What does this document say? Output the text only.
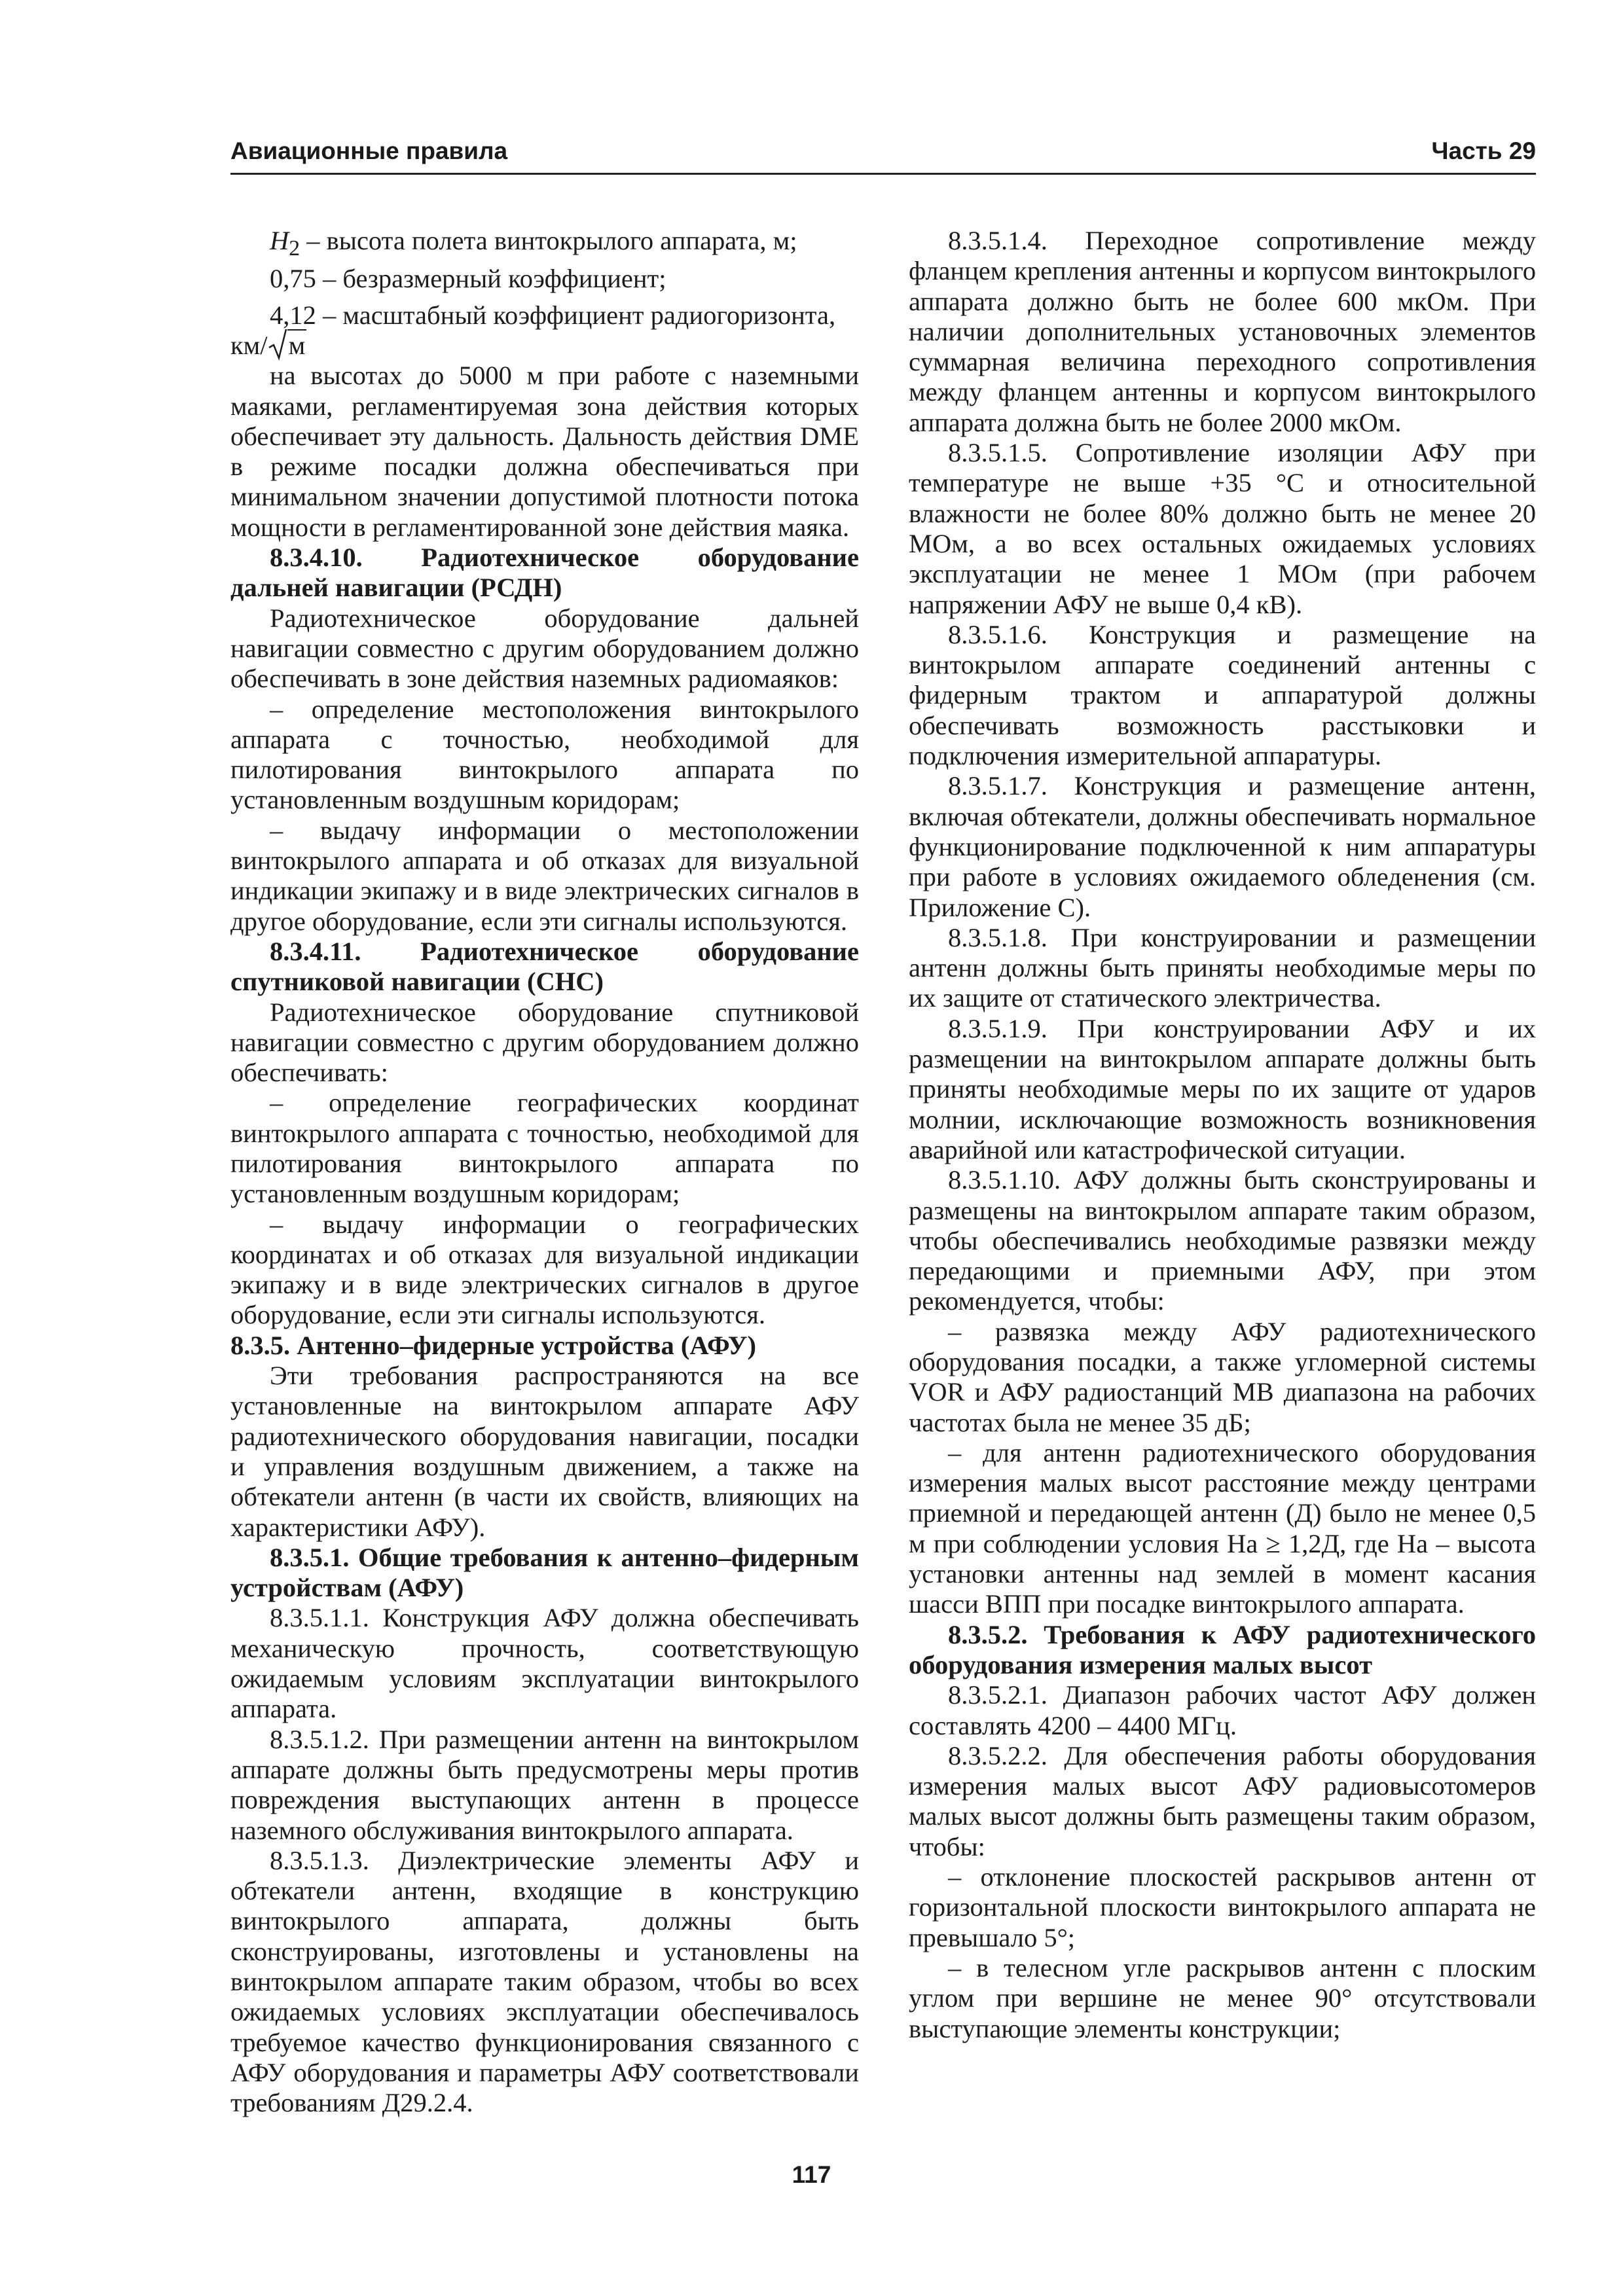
Авиационные правила	Часть 29

$H_2$ – высота полета винтокрылого аппарата, м;

0,75 – безразмерный коэффициент;

4,12 – масштабный коэффициент радиогоризонта,

км/ м

на высотах до 5000 м при работе с наземными маяками, регламентируемая зона действия которых обеспечивает эту дальность. Дальность действия DME в режиме посадки должна обеспечиваться при минимальном значении допустимой плотности потока мощности в регламентированной зоне действия маяка.

8.3.4.10. Радиотехническое оборудование дальней навигации (РСДН)

Радиотехническое оборудование дальней навигации совместно с другим оборудованием должно обеспечивать в зоне действия наземных радиомаяков:

– определение местоположения винтокрылого аппарата с точностью, необходимой для пилотирования винтокрылого аппарата по установленным воздушным коридорам;

– выдачу информации о местоположении винтокрылого аппарата и об отказах для визуальной индикации экипажу и в виде электрических сигналов в другое оборудование, если эти сигналы используются.

8.3.4.11. Радиотехническое оборудование спутниковой навигации (СНС)

Радиотехническое оборудование спутниковой навигации совместно с другим оборудованием должно обеспечивать:

– определение географических координат винтокрылого аппарата с точностью, необходимой для пилотирования винтокрылого аппарата по установленным воздушным коридорам;

– выдачу информации о географических координатах и об отказах для визуальной индикации экипажу и в виде электрических сигналов в другое оборудование, если эти сигналы используются.

8.3.5. Антенно–фидерные устройства (АФУ)

Эти требования распространяются на все установленные на винтокрылом аппарате АФУ радиотехнического оборудования навигации, посадки и управления воздушным движением, а также на обтекатели антенн (в части их свойств, влияющих на характеристики АФУ).

8.3.5.1. Общие требования к антенно–фидерным устройствам (АФУ)

8.3.5.1.1. Конструкция АФУ должна обеспечивать механическую прочность, соответствующую ожидаемым условиям эксплуатации винтокрылого аппарата.

8.3.5.1.2. При размещении антенн на винтокрылом аппарате должны быть предусмотрены меры против повреждения выступающих антенн в процессе наземного обслуживания винтокрылого аппарата.

8.3.5.1.3. Диэлектрические элементы АФУ и обтекатели антенн, входящие в конструкцию винтокрылого аппарата, должны быть сконструированы, изготовлены и установлены на винтокрылом аппарате таким образом, чтобы во всех ожидаемых условиях эксплуатации обеспечивалось требуемое качество функционирования связанного с АФУ оборудования и параметры АФУ соответствовали требованиям Д29.2.4.

8.3.5.1.4. Переходное сопротивление между фланцем крепления антенны и корпусом винтокрылого аппарата должно быть не более 600 мкОм. При наличии дополнительных установочных элементов суммарная величина переходного сопротивления между фланцем антенны и корпусом винтокрылого аппарата должна быть не более 2000 мкОм.

8.3.5.1.5. Сопротивление изоляции АФУ при температуре не выше +35 °С и относительной влажности не более 80% должно быть не менее 20 МОм, а во всех остальных ожидаемых условиях эксплуатации не менее 1 МОм (при рабочем напряжении АФУ не выше 0,4 кВ).

8.3.5.1.6. Конструкция и размещение на винтокрылом аппарате соединений антенны с фидерным трактом и аппаратурой должны обеспечивать возможность расстыковки и подключения измерительной аппаратуры.

8.3.5.1.7. Конструкция и размещение антенн, включая обтекатели, должны обеспечивать нормальное функционирование подключенной к ним аппаратуры при работе в условиях ожидаемого обледенения (см. Приложение С).

8.3.5.1.8. При конструировании и размещении антенн должны быть приняты необходимые меры по их защите от статического электричества.

8.3.5.1.9. При конструировании АФУ и их размещении на винтокрылом аппарате должны быть приняты необходимые меры по их защите от ударов молнии, исключающие возможность возникновения аварийной или катастрофической ситуации.

8.3.5.1.10. АФУ должны быть сконструированы и размещены на винтокрылом аппарате таким образом, чтобы обеспечивались необходимые развязки между передающими и приемными АФУ, при этом рекомендуется, чтобы:

– развязка между АФУ радиотехнического оборудования посадки, а также угломерной системы VOR и АФУ радиостанций МВ диапазона на рабочих частотах была не менее 35 дБ;

– для антенн радиотехнического оборудования измерения малых высот расстояние между центрами приемной и передающей антенн (Д) было не менее 0,5 м при соблюдении условия Hа ≥ 1,2Д, где Hа – высота установки антенны над землей в момент касания шасси ВПП при посадке винтокрылого аппарата.

8.3.5.2. Требования к АФУ радиотехнического оборудования измерения малых высот

8.3.5.2.1. Диапазон рабочих частот АФУ должен составлять 4200 – 4400 МГц.

8.3.5.2.2. Для обеспечения работы оборудования измерения малых высот АФУ радиовысотомеров малых высот должны быть размещены таким образом, чтобы:

– отклонение плоскостей раскрывов антенн от горизонтальной плоскости винтокрылого аппарата не превышало 5°;

– в телесном угле раскрывов антенн с плоским углом при вершине не менее 90° отсутствовали выступающие элементы конструкции;

117
